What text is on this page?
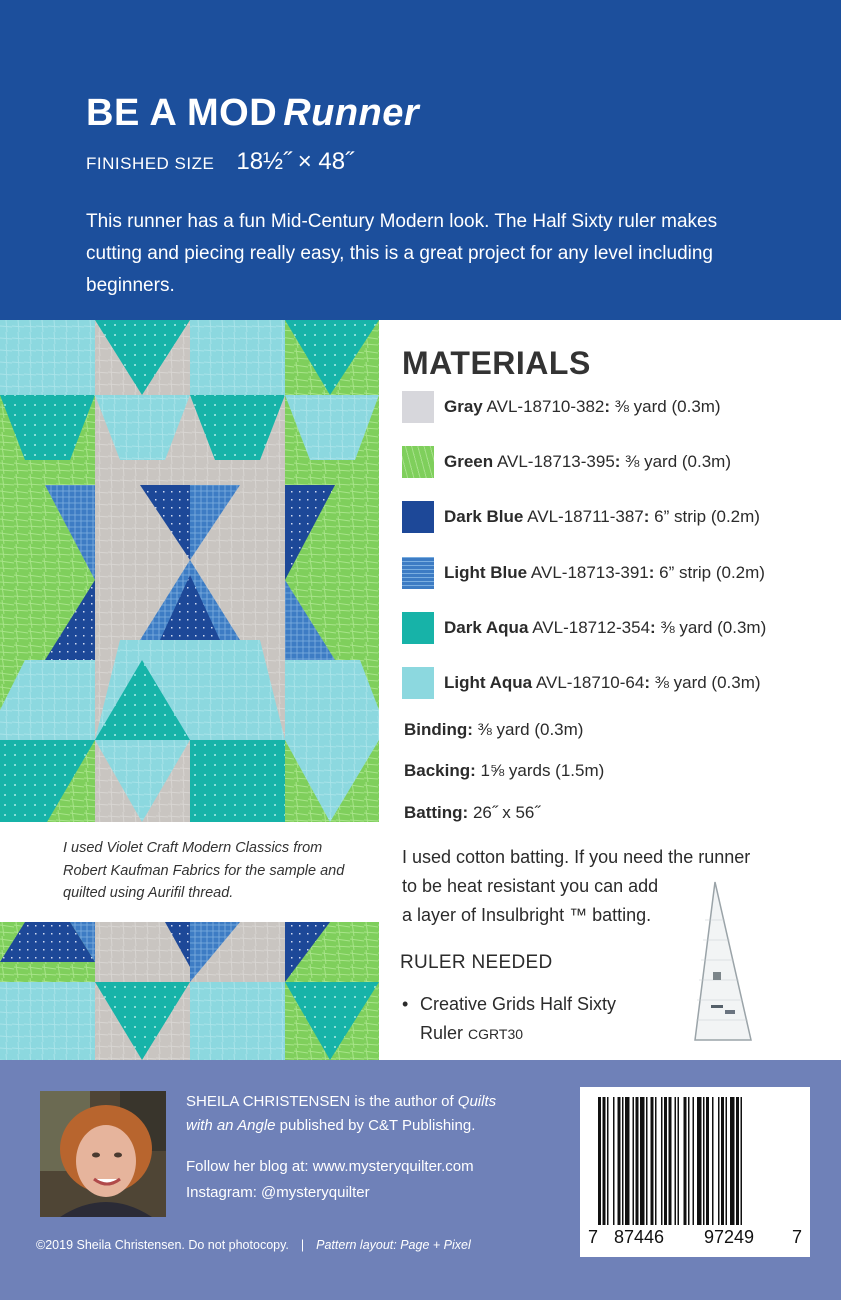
BE A MOD Runner
FINISHED SIZE 18½˝ × 48˝

This runner has a fun Mid-Century Modern look. The Half Sixty ruler makes cutting and piecing really easy, this is a great project for any level including beginners.

I used Violet Craft Modern Classics from Robert Kaufman Fabrics for the sample and quilted using Aurifil thread.

MATERIALS
Gray AVL-18710-382: ⅜ yard (0.3m)
Green AVL-18713-395: ⅜ yard (0.3m)
Dark Blue AVL-18711-387: 6” strip (0.2m)
Light Blue AVL-18713-391: 6” strip (0.2m)
Dark Aqua AVL-18712-354: ⅜ yard (0.3m)
Light Aqua AVL-18710-64: ⅜ yard (0.3m)
Binding: ⅜ yard (0.3m)
Backing: 1⅝ yards (1.5m)
Batting: 26˝ x 56˝
I used cotton batting. If you need the runner
to be heat resistant you can add
a layer of Insulbright ™ batting.
RULER NEEDED
• Creative Grids Half Sixty
Ruler CGRT30
SHEILA CHRISTENSEN is the author of Quilts
with an Angle published by C&T Publishing.
Follow her blog at: www.mysteryquilter.com
Instagram: @mysteryquilter
©2019 Sheila Christensen. Do not photocopy. | Pattern layout: Page + Pixel	7 87446 97249 7
